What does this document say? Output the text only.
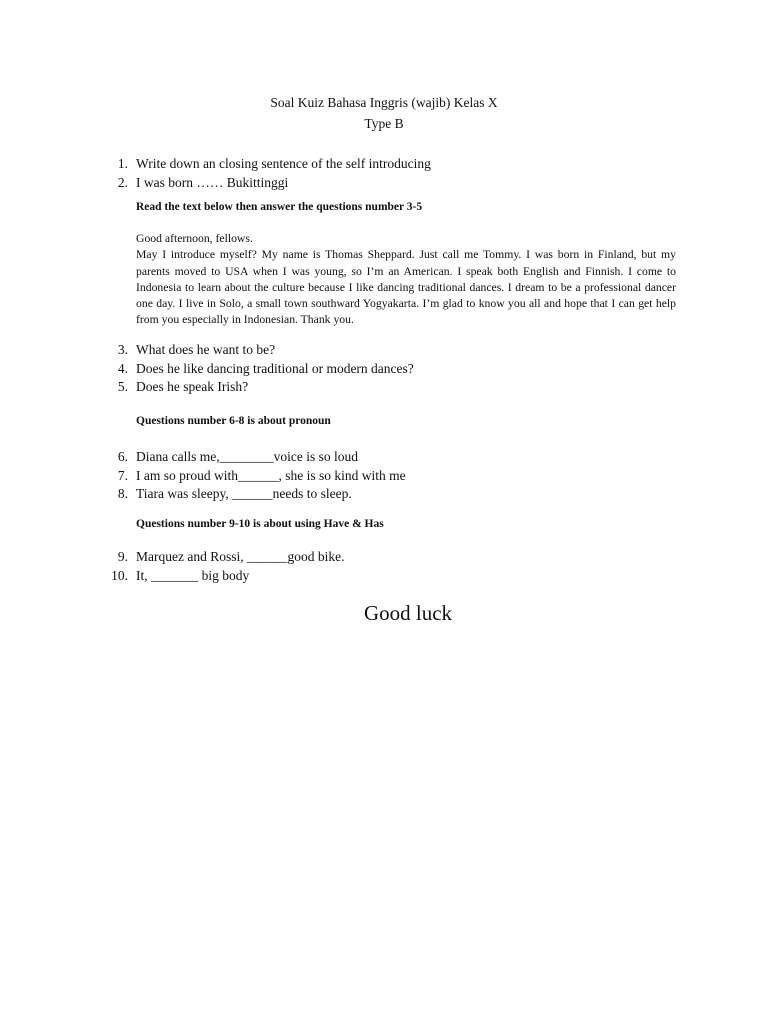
Soal Kuiz Bahasa Inggris (wajib) Kelas X
Type B
1. Write down an closing sentence of the self introducing
2. I was born …… Bukittinggi
Read the text below then answer the questions number 3-5

Good afternoon, fellows.

May I introduce myself? My name is Thomas Sheppard. Just call me Tommy. I was born in Finland, but my parents moved to USA when I was young, so I’m an American. I speak both English and Finnish. I come to Indonesia to learn about the culture because I like dancing traditional dances. I dream to be a professional dancer one day. I live in Solo, a small town southward Yogyakarta. I’m glad to know you all and hope that I can get help from you especially in Indonesian. Thank you.

3. What does he want to be?
4. Does he like dancing traditional or modern dances?
5. Does he speak Irish?
Questions number 6-8 is about pronoun
6. Diana calls me,________voice is so loud
7. I am so proud with______, she is so kind with me
8. Tiara was sleepy, ______needs to sleep.
Questions number 9-10 is about using Have & Has
9. Marquez and Rossi, ______good bike.
10. It, _______ big body
Good luck
